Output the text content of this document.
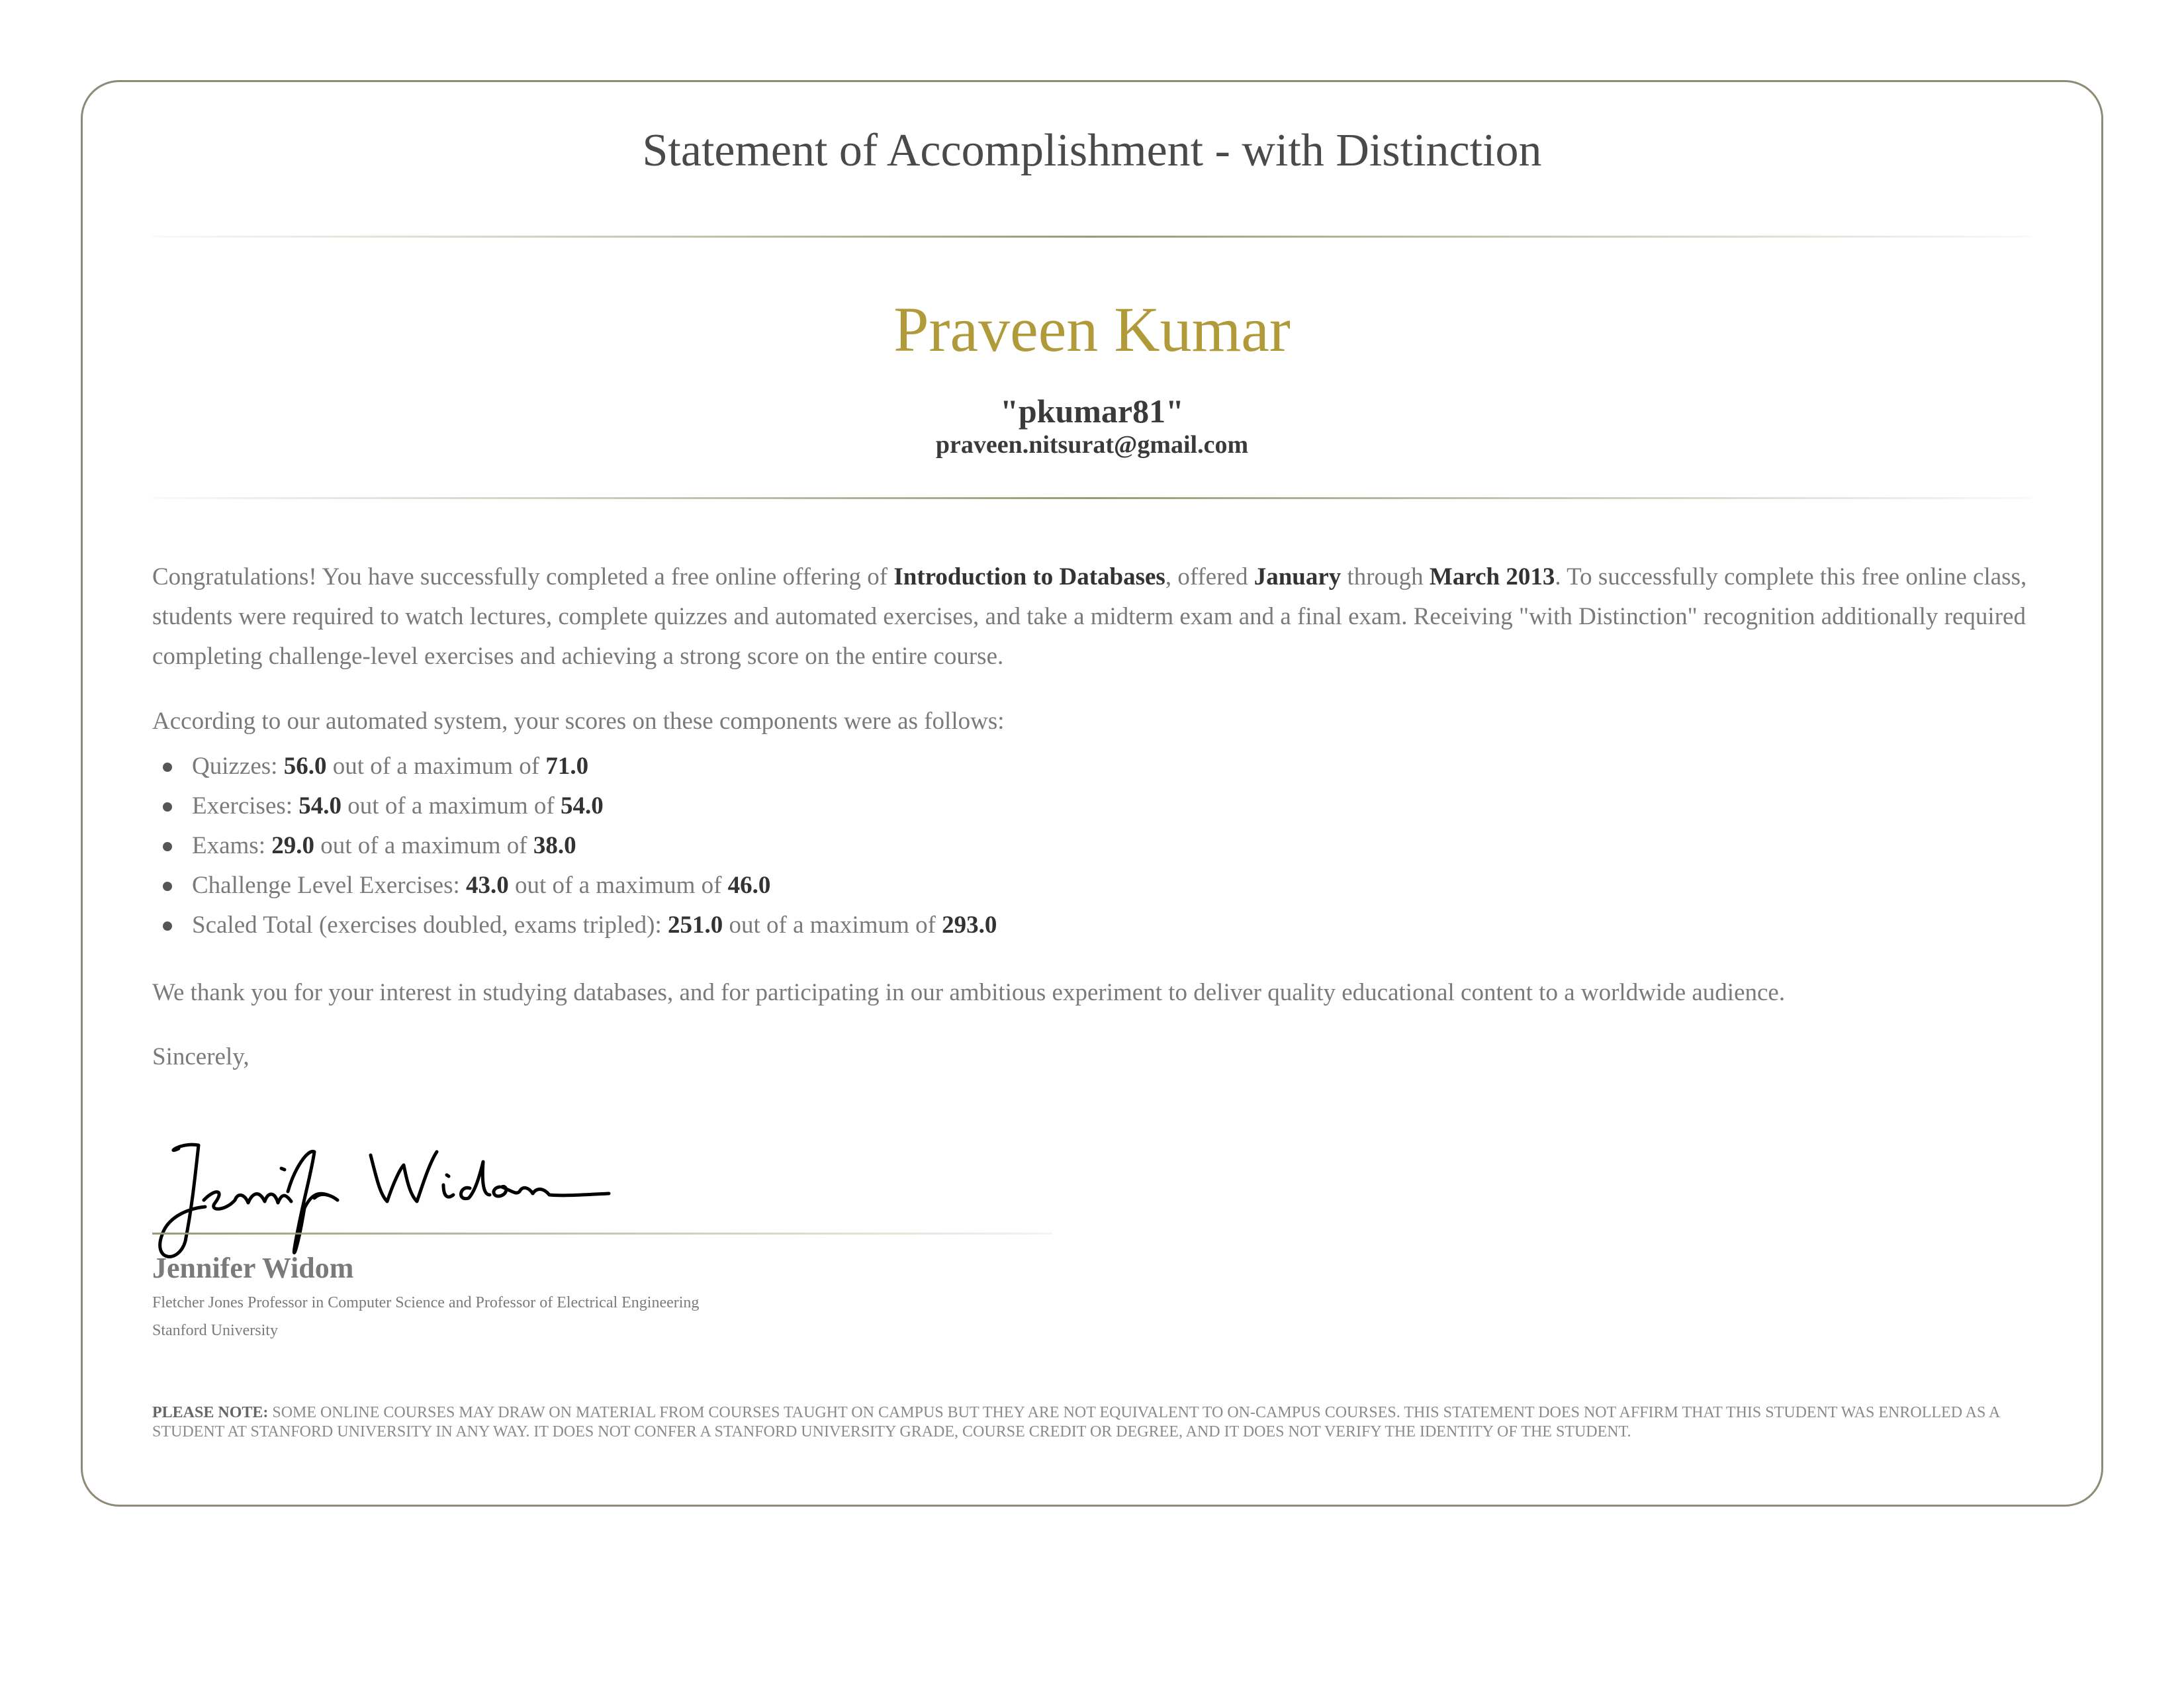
Statement of Accomplishment - with Distinction
Praveen Kumar
"pkumar81"
praveen.nitsurat@gmail.com

Congratulations! You have successfully completed a free online offering of Introduction to Databases, offered January through March 2013. To successfully complete this free online class, students were required to watch lectures, complete quizzes and automated exercises, and take a midterm exam and a final exam. Receiving "with Distinction" recognition additionally required completing challenge-level exercises and achieving a strong score on the entire course.

According to our automated system, your scores on these components were as follows:

Quizzes: 56.0 out of a maximum of 71.0
Exercises: 54.0 out of a maximum of 54.0
Exams: 29.0 out of a maximum of 38.0
Challenge Level Exercises: 43.0 out of a maximum of 46.0
Scaled Total (exercises doubled, exams tripled): 251.0 out of a maximum of 293.0

We thank you for your interest in studying databases, and for participating in our ambitious experiment to deliver quality educational content to a worldwide audience.

Sincerely,

Jennifer Widom
Fletcher Jones Professor in Computer Science and Professor of Electrical Engineering
Stanford University

PLEASE NOTE: SOME ONLINE COURSES MAY DRAW ON MATERIAL FROM COURSES TAUGHT ON CAMPUS BUT THEY ARE NOT EQUIVALENT TO ON-CAMPUS COURSES. THIS STATEMENT DOES NOT AFFIRM THAT THIS STUDENT WAS ENROLLED AS A STUDENT AT STANFORD UNIVERSITY IN ANY WAY. IT DOES NOT CONFER A STANFORD UNIVERSITY GRADE, COURSE CREDIT OR DEGREE, AND IT DOES NOT VERIFY THE IDENTITY OF THE STUDENT.
